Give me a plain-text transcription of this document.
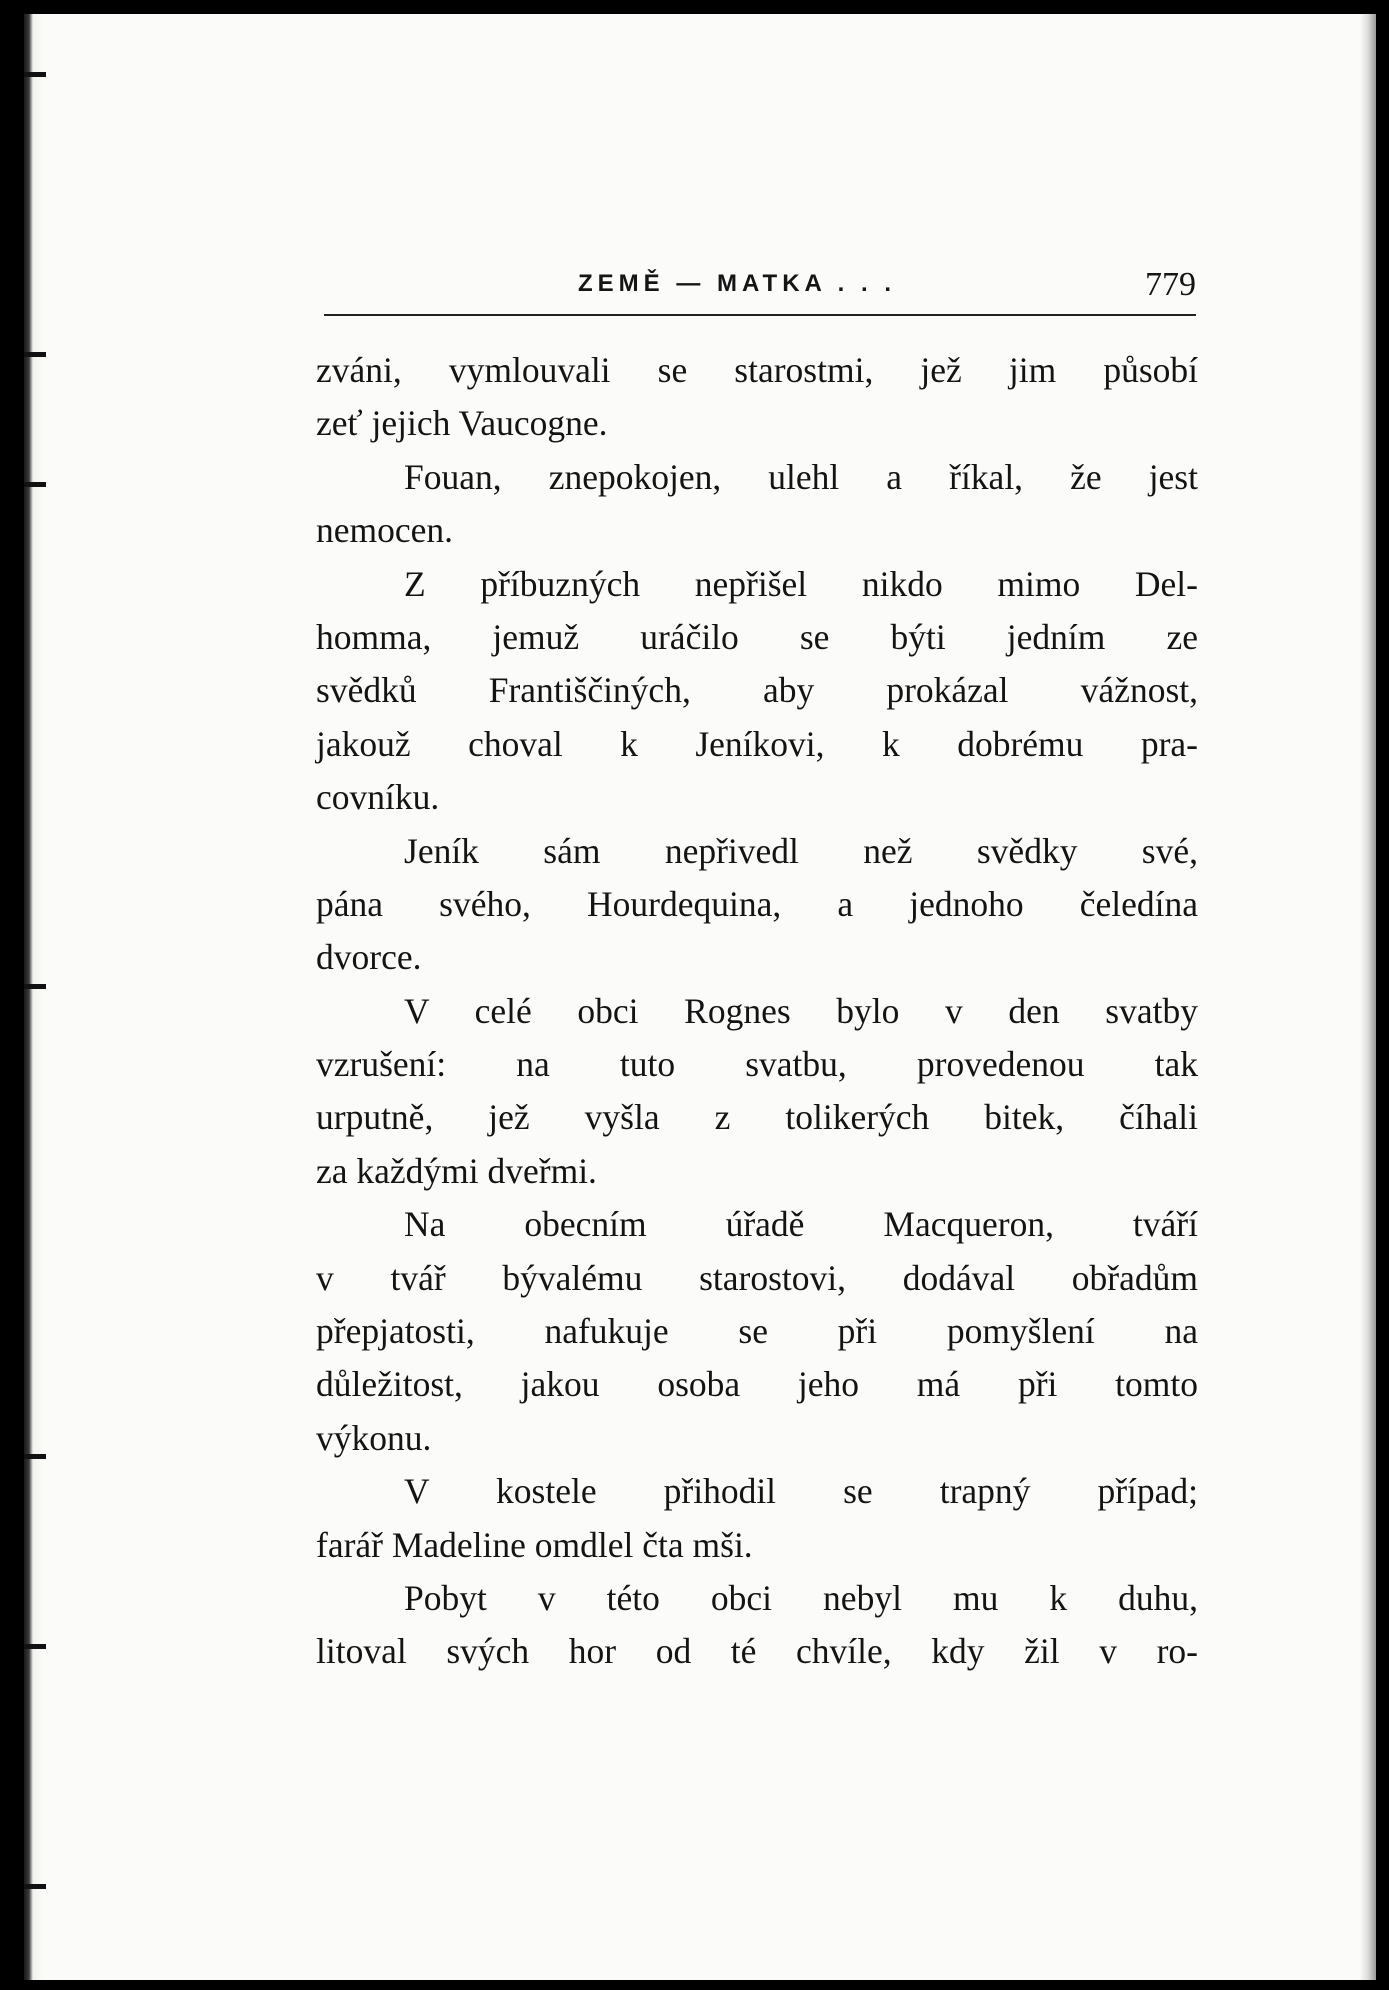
ZEMĚ — MATKA . . .	779
zváni, vymlouvali se starostmi, jež jim působí
zeť jejich Vaucogne.
Fouan, znepokojen, ulehl a říkal, že jest
nemocen.
Z příbuzných nepřišel nikdo mimo Del-
homma, jemuž uráčilo se býti jedním ze
svědků Františčiných, aby prokázal vážnost,
jakouž choval k Jeníkovi, k dobrému pra-
covníku.
Jeník sám nepřivedl než svědky své,
pána svého, Hourdequina, a jednoho čeledína
dvorce.
V celé obci Rognes bylo v den svatby
vzrušení: na tuto svatbu, provedenou tak
urputně, jež vyšla z tolikerých bitek, číhali
za každými dveřmi.
Na obecním úřadě Macqueron, tváří
v tvář bývalému starostovi, dodával obřadům
přepjatosti, nafukuje se při pomyšlení na
důležitost, jakou osoba jeho má při tomto
výkonu.
V kostele přihodil se trapný případ;
farář Madeline omdlel čta mši.
Pobyt v této obci nebyl mu k duhu,
litoval svých hor od té chvíle, kdy žil v ro-
